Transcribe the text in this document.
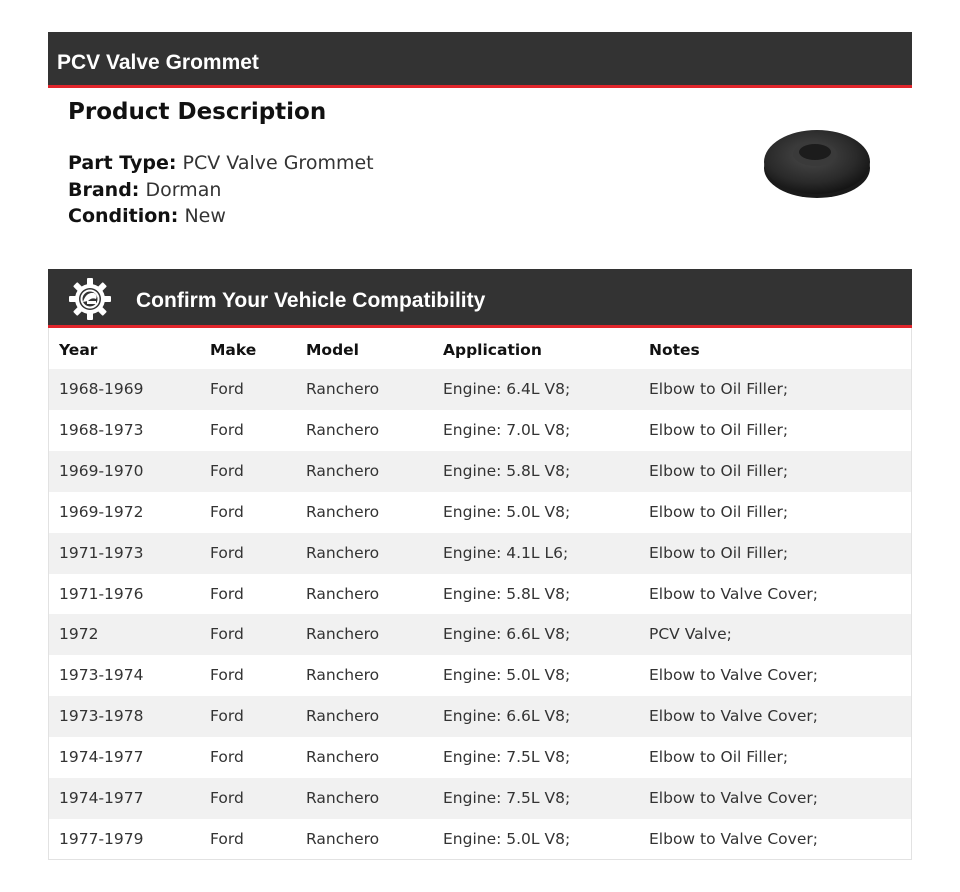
PCV Valve Grommet
Product Description
Part Type: PCV Valve Grommet
Brand: Dorman
Condition: New
Confirm Your Vehicle Compatibility
Year	Make	Model	Application	Notes
1968-1969	Ford	Ranchero	Engine: 6.4L V8;	Elbow to Oil Filler;
1968-1973	Ford	Ranchero	Engine: 7.0L V8;	Elbow to Oil Filler;
1969-1970	Ford	Ranchero	Engine: 5.8L V8;	Elbow to Oil Filler;
1969-1972	Ford	Ranchero	Engine: 5.0L V8;	Elbow to Oil Filler;
1971-1973	Ford	Ranchero	Engine: 4.1L L6;	Elbow to Oil Filler;
1971-1976	Ford	Ranchero	Engine: 5.8L V8;	Elbow to Valve Cover;
1972	Ford	Ranchero	Engine: 6.6L V8;	PCV Valve;
1973-1974	Ford	Ranchero	Engine: 5.0L V8;	Elbow to Valve Cover;
1973-1978	Ford	Ranchero	Engine: 6.6L V8;	Elbow to Valve Cover;
1974-1977	Ford	Ranchero	Engine: 7.5L V8;	Elbow to Oil Filler;
1974-1977	Ford	Ranchero	Engine: 7.5L V8;	Elbow to Valve Cover;
1977-1979	Ford	Ranchero	Engine: 5.0L V8;	Elbow to Valve Cover;
